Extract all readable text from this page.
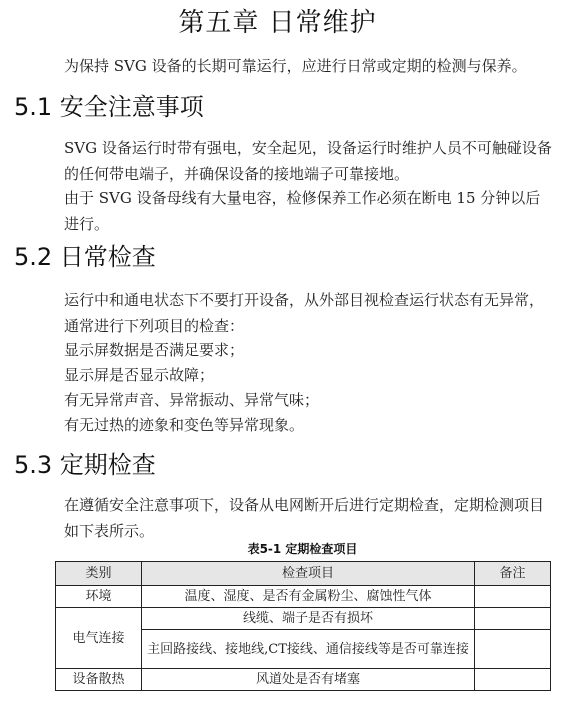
第五章 日常维护

为保持 SVG 设备的长期可靠运行，应进行日常或定期的检测与保养。

5.1 安全注意事项

SVG 设备运行时带有强电，安全起见，设备运行时维护人员不可触碰设备的任何带电端子，并确保设备的接地端子可靠接地。

由于 SVG 设备母线有大量电容，检修保养工作必须在断电 15 分钟以后进行。

5.2 日常检查

运行中和通电状态下不要打开设备，从外部目视检查运行状态有无异常，通常进行下列项目的检查：

显示屏数据是否满足要求；

显示屏是否显示故障；

有无异常声音、异常振动、异常气味；

有无过热的迹象和变色等异常现象。

5.3 定期检查

在遵循安全注意事项下，设备从电网断开后进行定期检查，定期检测项目如下表所示。

表5-1 定期检查项目
类别	检查项目	备注
环境	温度、湿度、是否有金属粉尘、腐蚀性气体	
电气连接	线缆、端子是否有损坏	
	主回路接线、接地线,CT接线、通信接线等是否可靠连接	
设备散热	风道处是否有堵塞	
